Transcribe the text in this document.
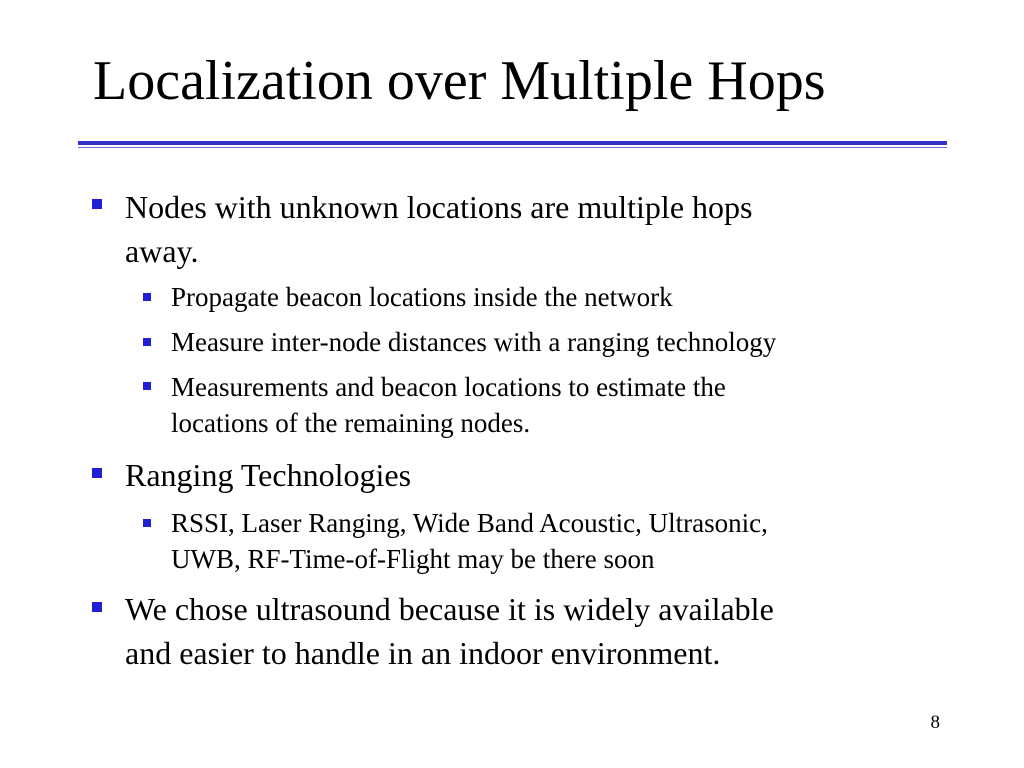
Localization over Multiple Hops
Nodes with unknown locations are multiple hops
away.
Propagate beacon locations inside the network
Measure inter-node distances with a ranging technology
Measurements and beacon locations to estimate the
locations of the remaining nodes.
Ranging Technologies
RSSI, Laser Ranging, Wide Band Acoustic, Ultrasonic,
UWB, RF-Time-of-Flight may be there soon
We chose ultrasound because it is widely available
and easier to handle in an indoor environment.
8
